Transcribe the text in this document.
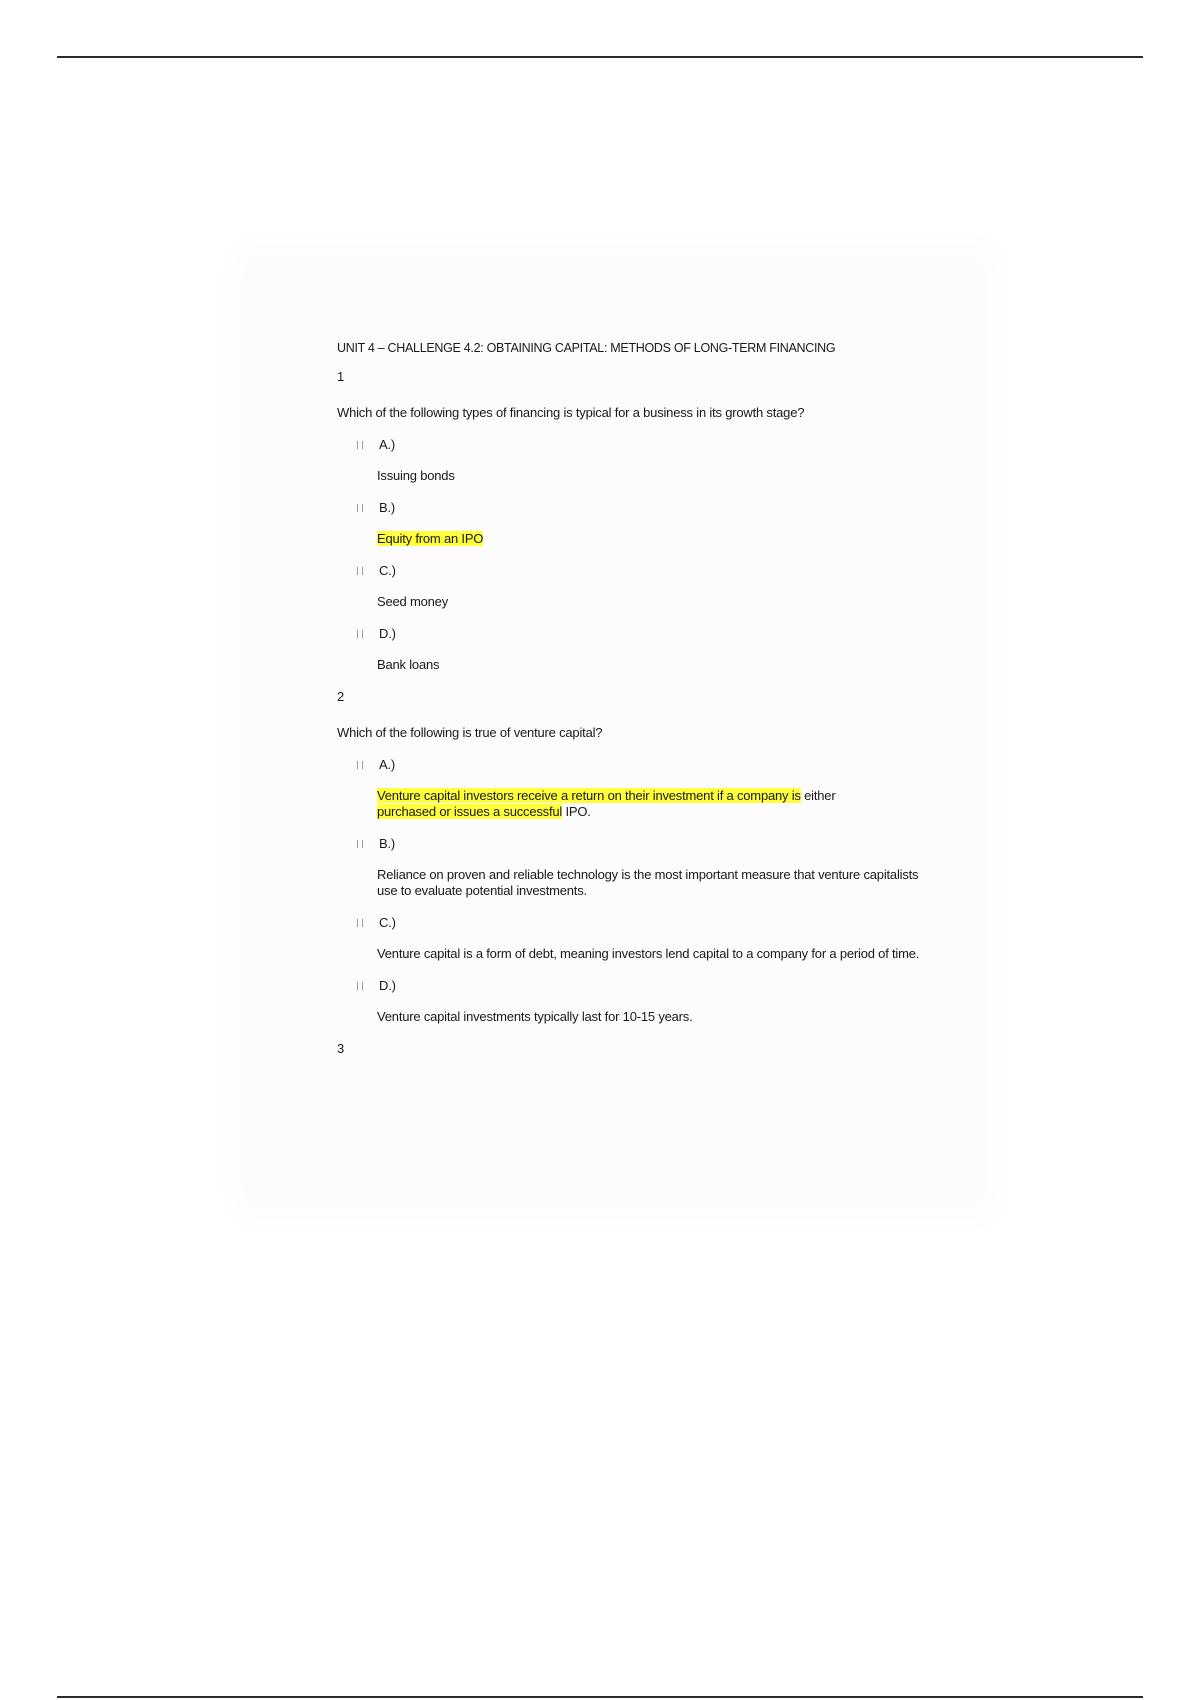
UNIT 4 – CHALLENGE 4.2: OBTAINING CAPITAL: METHODS OF LONG-TERM FINANCING

1

Which of the following types of financing is typical for a business in its growth stage?

A.)

Issuing bonds

B.)

Equity from an IPO

C.)

Seed money

D.)

Bank loans

2

Which of the following is true of venture capital?

A.)

Venture capital investors receive a return on their investment if a company is either
purchased or issues a successful IPO.

B.)

Reliance on proven and reliable technology is the most important measure that venture capitalists use to evaluate potential investments.

C.)

Venture capital is a form of debt, meaning investors lend capital to a company for a period of time.

D.)

Venture capital investments typically last for 10-15 years.

3
